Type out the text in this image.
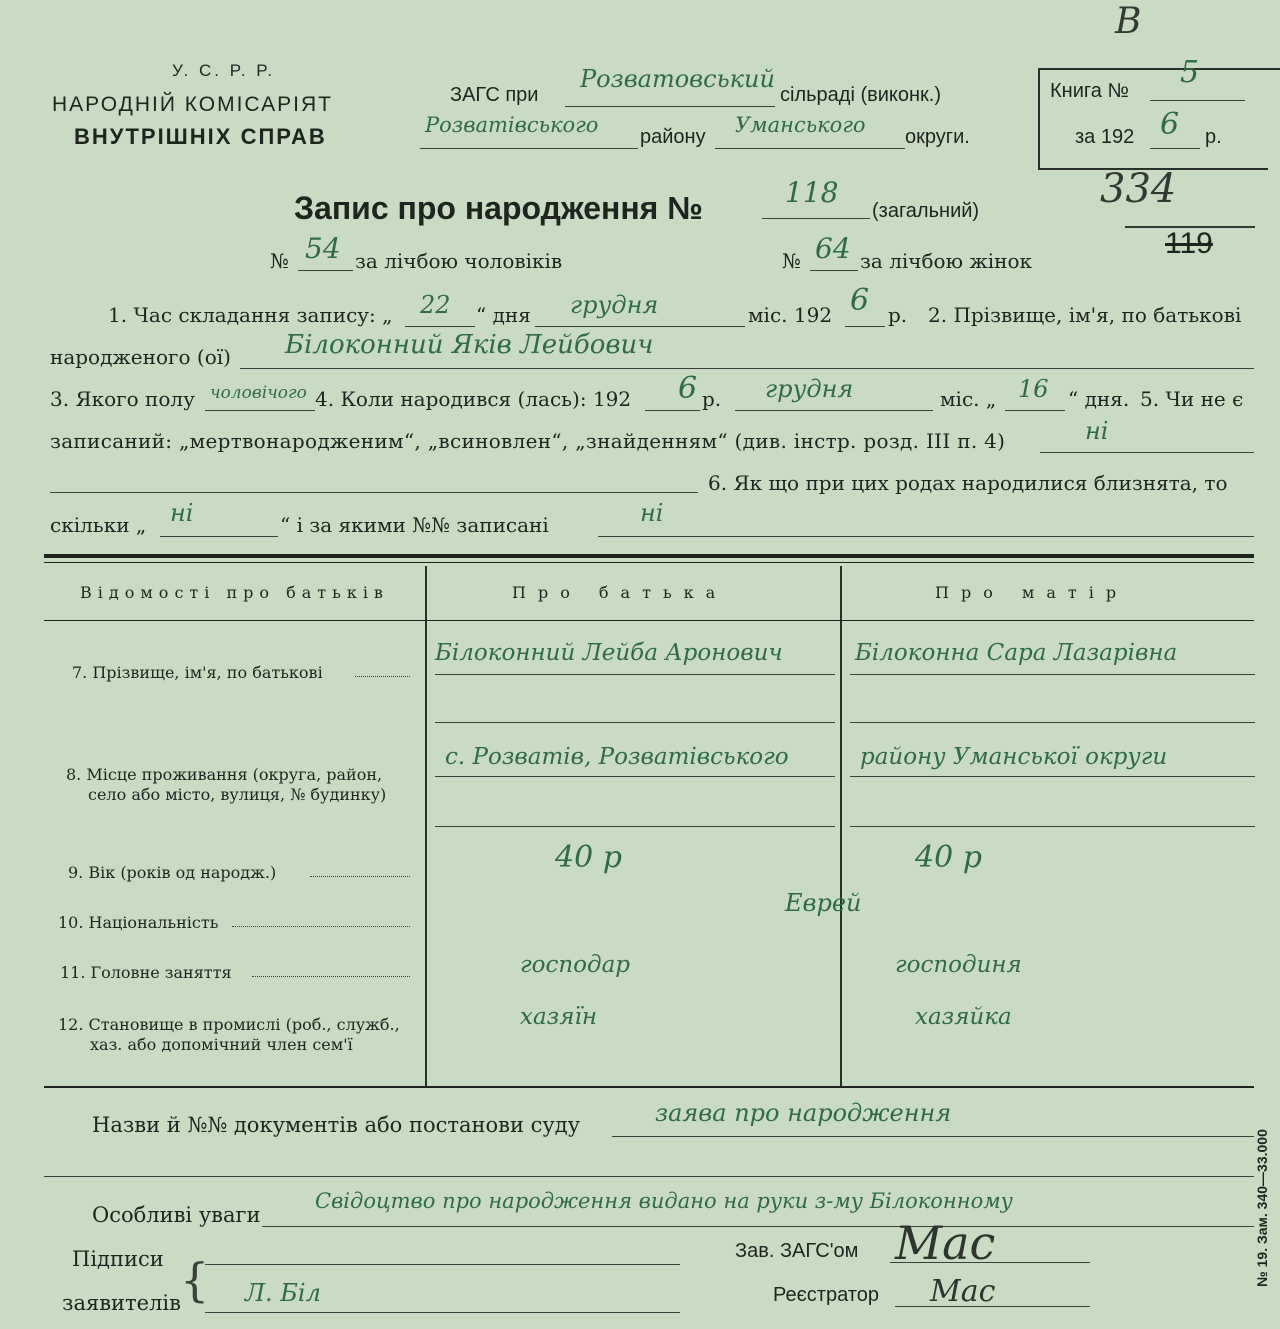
У. С. Р. Р.
НАРОДНІЙ КОМІСАРІЯТ
ВНУТРІШНІХ СПРАВ
ЗАГС при
Розватовський
сільраді (виконк.)
Розватівського району Уманського округи.
Книга №
5
за 192 6 р.
B
334
119
Запис про народження №	118
(загальний)
№ 54 за лічбою чоловіків	№ 64 за лічбою жінок
1. Час складання запису: „ 22 “ дня грудня	міс. 192 6 р. 2. Прізвище, ім'я, по батькові
народженого (ої) Білоконний Яків Лейбович
3. Якого полу чоловічого 4. Коли народився (лась): 192 6 р. грудня	міс. „ 16 “ дня. 5. Чи не є
записаний: „мертвонародженим“, „всиновлен“, „знайденням“ (див. інстр. розд. III п. 4)	ні
6. Як що при цих родах народилися близнята, то
скільки „ ні	“ і за якими №№ записані	ні
Відомості про батьків	Про батька	Про матір
7. Прізвище, ім'я, по батькові
Білоконний Лейба Аронович	Білоконна Сара Лазарівна
8. Місце проживання (округа, район,
село або місто, вулиця, № будинку)
с. Розватів, Розватівського	району Уманської округи
9. Вік (років од народж.)	40 р	40 р
10. Національність
Еврей
11. Головне заняття	господар	господиня
12. Становище в промислі (роб., служб.,
хаз. або допомічний член сем'ї
хазяїн	хазяйка
Назви й №№ документів або постанови суду	заява про народження
Особливі уваги
Свідоцтво про народження видано на руки з-му Білоконному
Підписи
заявителів { Л. Біл
Зав. ЗАГС'ом Мас
Реєстратор Мас
№ 19. Зам. 340—33.000
